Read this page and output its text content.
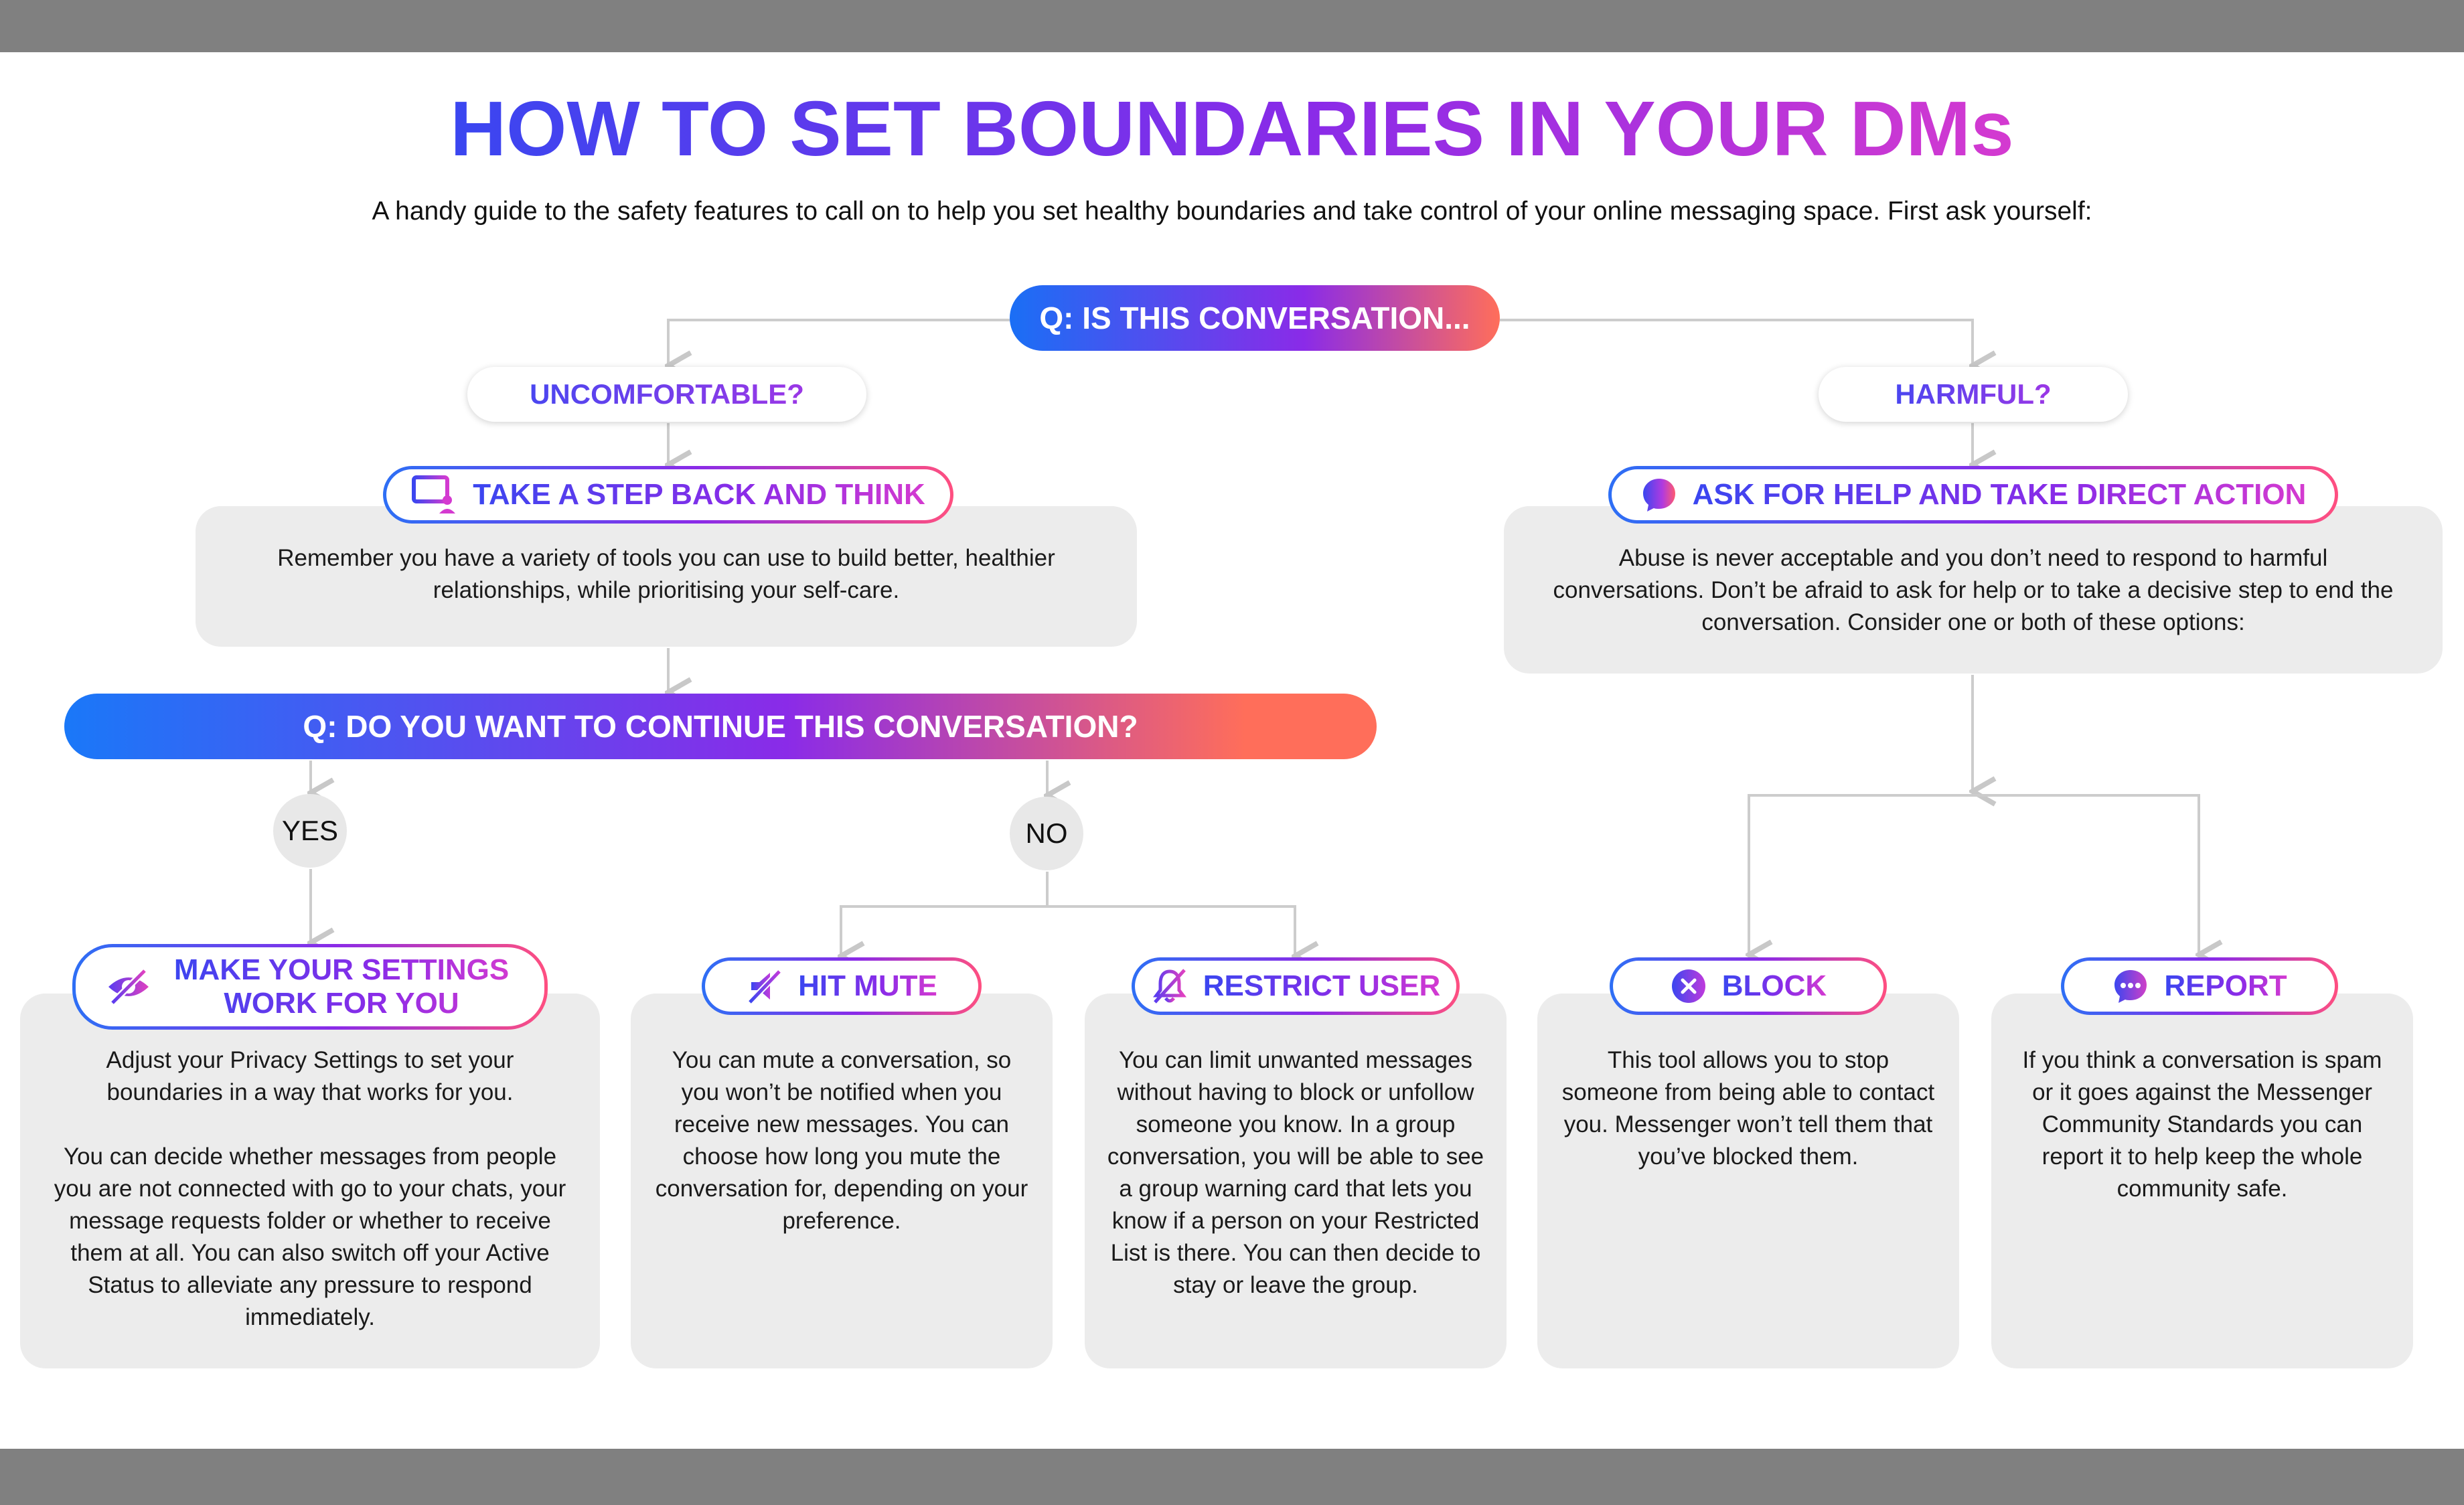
HOW TO SET BOUNDARIES IN YOUR DMs
A handy guide to the safety features to call on to help you set healthy boundaries and take control of your online messaging space. First ask yourself:
Q: IS THIS CONVERSATION...
UNCOMFORTABLE?	HARMFUL?

Remember you have a variety of tools you can use to build better, healthier relationships, while prioritising your self-care.

TAKE A STEP BACK AND THINK

Abuse is never acceptable and you don’t need to respond to harmful conversations. Don’t be afraid to ask for help or to take a decisive step to end the conversation. Consider one or both of these options:

ASK FOR HELP AND TAKE DIRECT ACTION
Q: DO YOU WANT TO CONTINUE THIS CONVERSATION?
YES	NO

Adjust your Privacy Settings to set your boundaries in a way that works for you.

You can decide whether messages from people you are not connected with go to your chats, your message requests folder or whether to receive them at all. You can also switch off your Active Status to alleviate any pressure to respond immediately.

MAKE YOUR SETTINGS WORK FOR YOU

You can mute a conversation, so you won’t be notified when you receive new messages. You can choose how long you mute the conversation for, depending on your preference.

HIT MUTE

You can limit unwanted messages without having to block or unfollow someone you know. In a group conversation, you will be able to see a group warning card that lets you know if a person on your Restricted List is there. You can then decide to stay or leave the group.

RESTRICT USER

This tool allows you to stop someone from being able to contact you. Messenger won’t tell them that you’ve blocked them.

BLOCK

If you think a conversation is spam or it goes against the Messenger Community Standards you can report it to help keep the whole community safe.

REPORT
